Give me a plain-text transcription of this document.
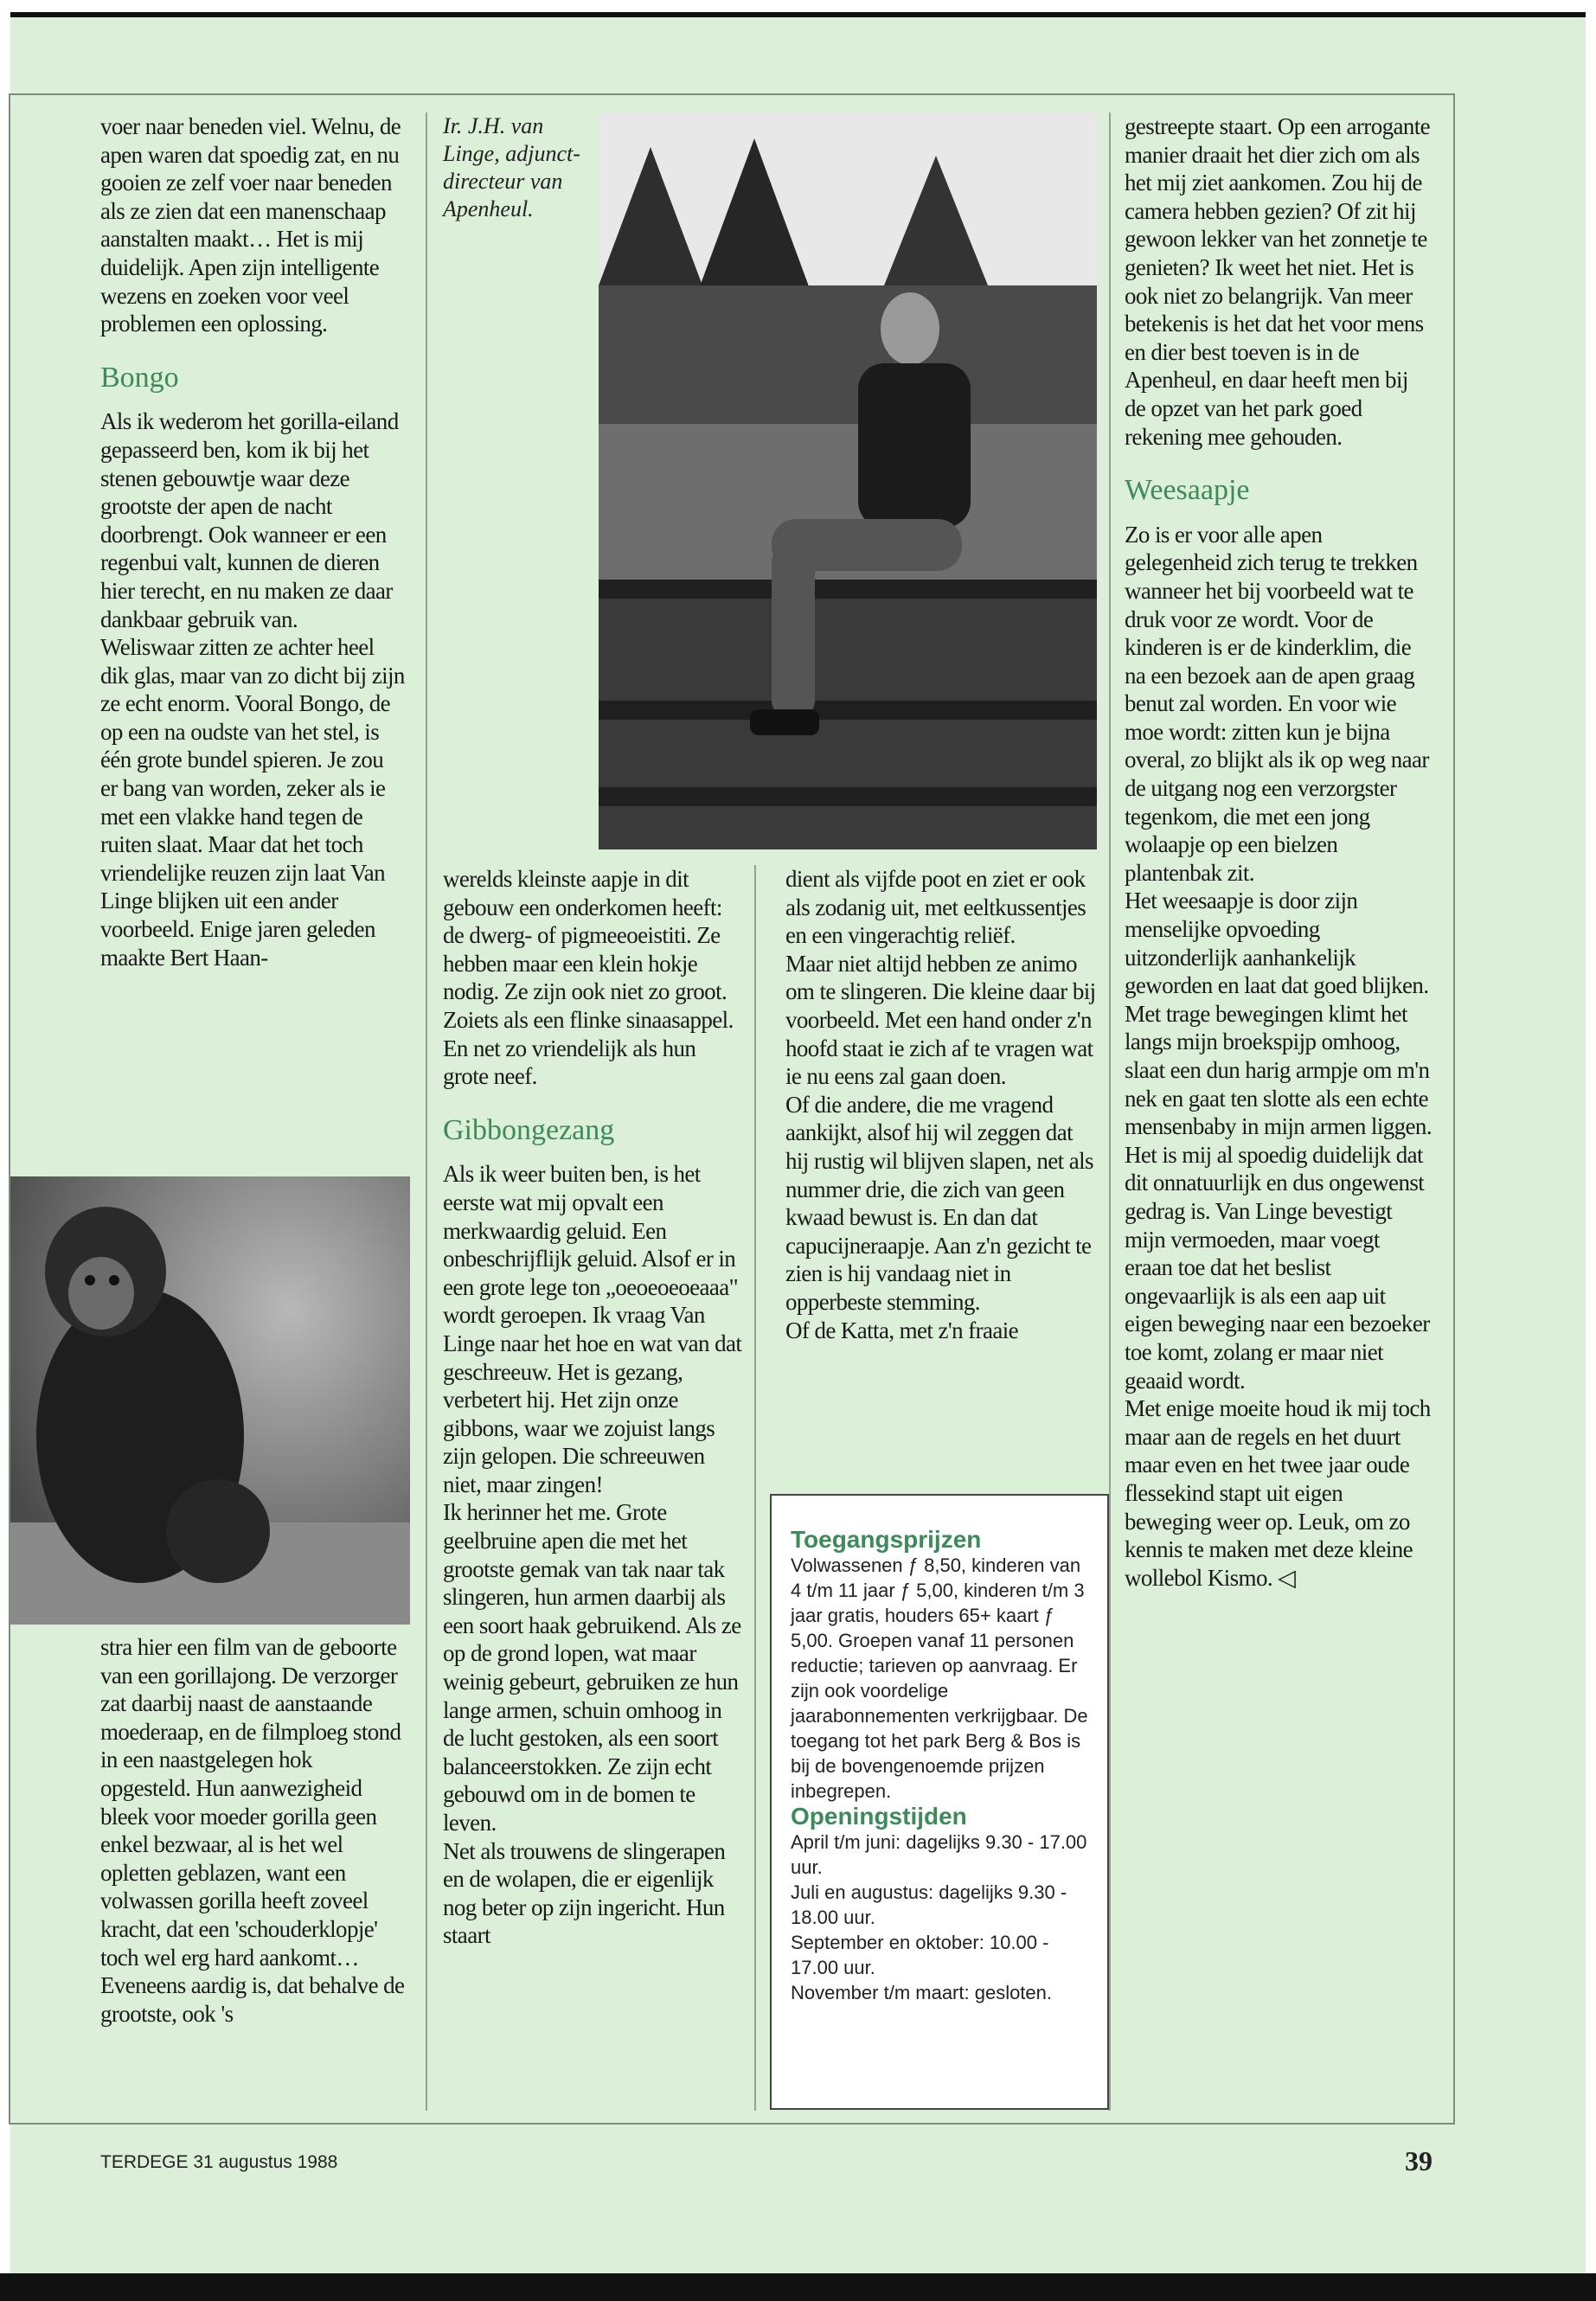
voer naar beneden viel. Welnu, de apen waren dat spoedig zat, en nu gooien ze zelf voer naar beneden als ze zien dat een manenschaap aanstalten maakt… Het is mij duidelijk. Apen zijn intelligente wezens en zoeken voor veel problemen een oplossing.

Bongo

Als ik wederom het gorilla-eiland gepasseerd ben, kom ik bij het stenen gebouwtje waar deze grootste der apen de nacht doorbrengt. Ook wanneer er een regenbui valt, kunnen de dieren hier terecht, en nu maken ze daar dankbaar gebruik van.

Weliswaar zitten ze achter heel dik glas, maar van zo dicht bij zijn ze echt enorm. Vooral Bongo, de op een na oudste van het stel, is één grote bundel spieren. Je zou er bang van worden, zeker als ie met een vlakke hand tegen de ruiten slaat. Maar dat het toch vriendelijke reuzen zijn laat Van Linge blijken uit een ander voorbeeld. Enige jaren geleden maakte Bert Haan-

stra hier een film van de geboorte van een gorillajong. De verzorger zat daarbij naast de aanstaande moederaap, en de filmploeg stond in een naastgelegen hok opgesteld. Hun aanwezigheid bleek voor moeder gorilla geen enkel bezwaar, al is het wel opletten geblazen, want een volwassen gorilla heeft zoveel kracht, dat een 'schouderklopje' toch wel erg hard aankomt…

Eveneens aardig is, dat behalve de grootste, ook 's

Ir. J.H. van Linge, adjunct-directeur van Apenheul.

werelds kleinste aapje in dit gebouw een onderkomen heeft: de dwerg- of pigmeeoeistiti. Ze hebben maar een klein hokje nodig. Ze zijn ook niet zo groot. Zoiets als een flinke sinaasappel. En net zo vriendelijk als hun grote neef.

Gibbongezang

Als ik weer buiten ben, is het eerste wat mij opvalt een merkwaardig geluid. Een onbeschrijflijk geluid. Alsof er in een grote lege ton „oeoeoeoeaaa" wordt geroepen. Ik vraag Van Linge naar het hoe en wat van dat geschreeuw. Het is gezang, verbetert hij. Het zijn onze gibbons, waar we zojuist langs zijn gelopen. Die schreeuwen niet, maar zingen!

Ik herinner het me. Grote geelbruine apen die met het grootste gemak van tak naar tak slingeren, hun armen daarbij als een soort haak gebruikend. Als ze op de grond lopen, wat maar weinig gebeurt, gebruiken ze hun lange armen, schuin omhoog in de lucht gestoken, als een soort balanceerstokken. Ze zijn echt gebouwd om in de bomen te leven.

Net als trouwens de slingerapen en de wolapen, die er eigenlijk nog beter op zijn ingericht. Hun staart

dient als vijfde poot en ziet er ook als zodanig uit, met eeltkussentjes en een vingerachtig reliëf.

Maar niet altijd hebben ze animo om te slingeren. Die kleine daar bij voorbeeld. Met een hand onder z'n hoofd staat ie zich af te vragen wat ie nu eens zal gaan doen.

Of die andere, die me vragend aankijkt, alsof hij wil zeggen dat hij rustig wil blijven slapen, net als nummer drie, die zich van geen kwaad bewust is. En dan dat capucijneraapje. Aan z'n gezicht te zien is hij vandaag niet in opperbeste stemming.

Of de Katta, met z'n fraaie

Toegangsprijzen

Volwassenen ƒ 8,50, kinderen van 4 t/m 11 jaar ƒ 5,00, kinderen t/m 3 jaar gratis, houders 65+ kaart ƒ 5,00. Groepen vanaf 11 personen reductie; tarieven op aanvraag. Er zijn ook voordelige jaarabonnementen verkrijgbaar. De toegang tot het park Berg & Bos is bij de bovengenoemde prijzen inbegrepen.

Openingstijden

April t/m juni: dagelijks 9.30 - 17.00 uur.

Juli en augustus: dagelijks 9.30 - 18.00 uur.

September en oktober: 10.00 - 17.00 uur.

November t/m maart: gesloten.

gestreepte staart. Op een arrogante manier draait het dier zich om als het mij ziet aankomen. Zou hij de camera hebben gezien? Of zit hij gewoon lekker van het zonnetje te genieten? Ik weet het niet. Het is ook niet zo belangrijk. Van meer betekenis is het dat het voor mens en dier best toeven is in de Apenheul, en daar heeft men bij de opzet van het park goed rekening mee gehouden.

Weesaapje

Zo is er voor alle apen gelegenheid zich terug te trekken wanneer het bij voorbeeld wat te druk voor ze wordt. Voor de kinderen is er de kinderklim, die na een bezoek aan de apen graag benut zal worden. En voor wie moe wordt: zitten kun je bijna overal, zo blijkt als ik op weg naar de uitgang nog een verzorgster tegenkom, die met een jong wolaapje op een bielzen plantenbak zit.

Het weesaapje is door zijn menselijke opvoeding uitzonderlijk aanhankelijk geworden en laat dat goed blijken. Met trage bewegingen klimt het langs mijn broekspijp omhoog, slaat een dun harig armpje om m'n nek en gaat ten slotte als een echte mensenbaby in mijn armen liggen. Het is mij al spoedig duidelijk dat dit onnatuurlijk en dus ongewenst gedrag is. Van Linge bevestigt mijn vermoeden, maar voegt eraan toe dat het beslist ongevaarlijk is als een aap uit eigen beweging naar een bezoeker toe komt, zolang er maar niet geaaid wordt.

Met enige moeite houd ik mij toch maar aan de regels en het duurt maar even en het twee jaar oude flessekind stapt uit eigen beweging weer op. Leuk, om zo kennis te maken met deze kleine wollebol Kismo. ◁

TERDEGE 31 augustus 1988	39
